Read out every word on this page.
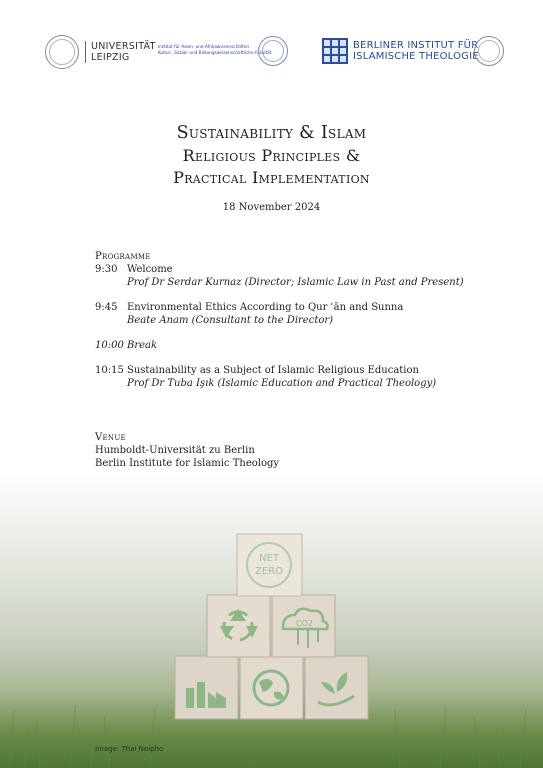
UNIVERSITÄT
LEIPZIG
Institut für Asien- und Afrikawissenschaften
Kultur-, Sozial- und Bildungswissenschaftliche Fakultät
BERLINER INSTITUT FÜR
ISLAMISCHE THEOLOGIE
Sustainability & Islam
Religious Principles &
Practical Implementation
18 November 2024
Programme
9:30 Welcome
Prof Dr Serdar Kurnaz (Director; Islamic Law in Past and Present)
9:45 Environmental Ethics According to Qur ʾān and Sunna
Beate Anam (Consultant to the Director)
10:00 Break
10:15 Sustainability as a Subject of Islamic Religious Education
Prof Dr Tuba Işık (Islamic Education and Practical Theology)
Venue
Humboldt-Universität zu Berlin
Berlin Institute for Islamic Theology
CO2
NET
ZERO
Image: Thai Noipho
